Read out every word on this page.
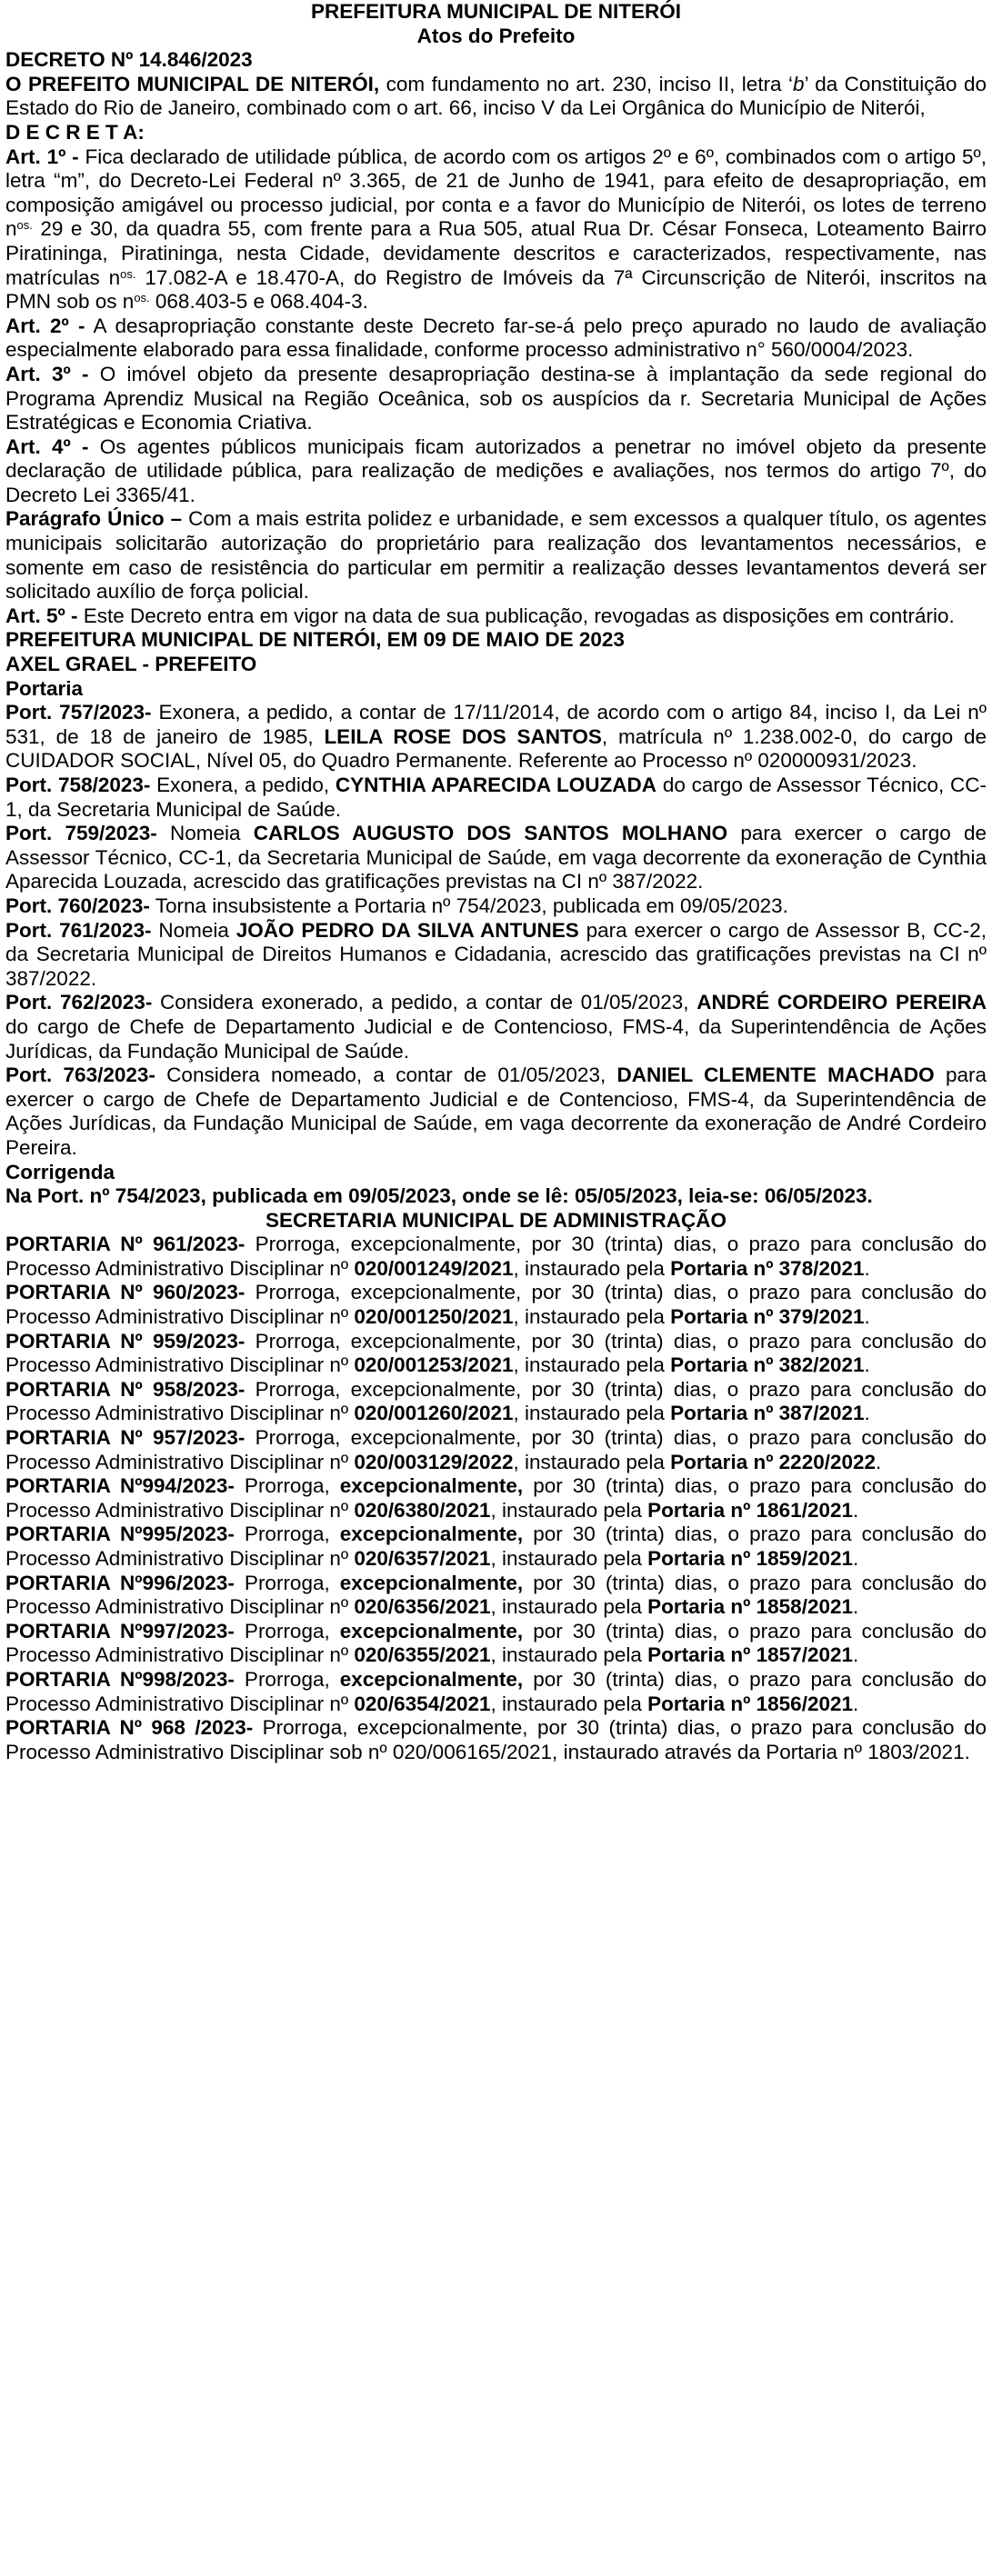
PREFEITURA MUNICIPAL DE NITERÓI

Atos do Prefeito

DECRETO Nº 14.846/2023

O PREFEITO MUNICIPAL DE NITERÓI, com fundamento no art. 230, inciso II, letra ‘b’ da Constituição do Estado do Rio de Janeiro, combinado com o art. 66, inciso V da Lei Orgânica do Município de Niterói,

D E C R E T A:

Art. 1º - Fica declarado de utilidade pública, de acordo com os artigos 2º e 6º, combinados com o artigo 5º, letra “m”, do Decreto-Lei Federal nº 3.365, de 21 de Junho de 1941, para efeito de desapropriação, em composição amigável ou processo judicial, por conta e a favor do Município de Niterói, os lotes de terreno $n^{os.}$ 29 e 30, da quadra 55, com frente para a Rua 505, atual Rua Dr. César Fonseca, Loteamento Bairro Piratininga, Piratininga, nesta Cidade, devidamente descritos e caracterizados, respectivamente, nas matrículas $n^{os.}$ 17.082-A e 18.470-A, do Registro de Imóveis da 7ª Circunscrição de Niterói, inscritos na PMN sob os $n^{os.}$ 068.403-5 e 068.404-3.

Art. 2º - A desapropriação constante deste Decreto far-se-á pelo preço apurado no laudo de avaliação especialmente elaborado para essa finalidade, conforme processo administrativo n° 560/0004/2023.

Art. 3º - O imóvel objeto da presente desapropriação destina-se à implantação da sede regional do Programa Aprendiz Musical na Região Oceânica, sob os auspícios da r. Secretaria Municipal de Ações Estratégicas e Economia Criativa.

Art. 4º - Os agentes públicos municipais ficam autorizados a penetrar no imóvel objeto da presente declaração de utilidade pública, para realização de medições e avaliações, nos termos do artigo 7º, do Decreto Lei 3365/41.

Parágrafo Único – Com a mais estrita polidez e urbanidade, e sem excessos a qualquer título, os agentes municipais solicitarão autorização do proprietário para realização dos levantamentos necessários, e somente em caso de resistência do particular em permitir a realização desses levantamentos deverá ser solicitado auxílio de força policial.

Art. 5º - Este Decreto entra em vigor na data de sua publicação, revogadas as disposições em contrário.

PREFEITURA MUNICIPAL DE NITERÓI, EM 09 DE MAIO DE 2023

AXEL GRAEL - PREFEITO

Portaria

Port. 757/2023- Exonera, a pedido, a contar de 17/11/2014, de acordo com o artigo 84, inciso I, da Lei nº 531, de 18 de janeiro de 1985, LEILA ROSE DOS SANTOS, matrícula nº 1.238.002-0, do cargo de CUIDADOR SOCIAL, Nível 05, do Quadro Permanente. Referente ao Processo nº 020000931/2023.

Port. 758/2023- Exonera, a pedido, CYNTHIA APARECIDA LOUZADA do cargo de Assessor Técnico, CC-1, da Secretaria Municipal de Saúde.

Port. 759/2023- Nomeia CARLOS AUGUSTO DOS SANTOS MOLHANO para exercer o cargo de Assessor Técnico, CC-1, da Secretaria Municipal de Saúde, em vaga decorrente da exoneração de Cynthia Aparecida Louzada, acrescido das gratificações previstas na CI nº 387/2022.

Port. 760/2023- Torna insubsistente a Portaria nº 754/2023, publicada em 09/05/2023.

Port. 761/2023- Nomeia JOÃO PEDRO DA SILVA ANTUNES para exercer o cargo de Assessor B, CC-2, da Secretaria Municipal de Direitos Humanos e Cidadania, acrescido das gratificações previstas na CI nº 387/2022.

Port. 762/2023- Considera exonerado, a pedido, a contar de 01/05/2023, ANDRÉ CORDEIRO PEREIRA do cargo de Chefe de Departamento Judicial e de Contencioso, FMS-4, da Superintendência de Ações Jurídicas, da Fundação Municipal de Saúde.

Port. 763/2023- Considera nomeado, a contar de 01/05/2023, DANIEL CLEMENTE MACHADO para exercer o cargo de Chefe de Departamento Judicial e de Contencioso, FMS-4, da Superintendência de Ações Jurídicas, da Fundação Municipal de Saúde, em vaga decorrente da exoneração de André Cordeiro Pereira.

Corrigenda

Na Port. nº 754/2023, publicada em 09/05/2023, onde se lê: 05/05/2023, leia-se: 06/05/2023.

SECRETARIA MUNICIPAL DE ADMINISTRAÇÃO

PORTARIA Nº 961/2023- Prorroga, excepcionalmente, por 30 (trinta) dias, o prazo para conclusão do Processo Administrativo Disciplinar nº 020/001249/2021, instaurado pela Portaria nº 378/2021.

PORTARIA Nº 960/2023- Prorroga, excepcionalmente, por 30 (trinta) dias, o prazo para conclusão do Processo Administrativo Disciplinar nº 020/001250/2021, instaurado pela Portaria nº 379/2021.

PORTARIA Nº 959/2023- Prorroga, excepcionalmente, por 30 (trinta) dias, o prazo para conclusão do Processo Administrativo Disciplinar nº 020/001253/2021, instaurado pela Portaria nº 382/2021.

PORTARIA Nº 958/2023- Prorroga, excepcionalmente, por 30 (trinta) dias, o prazo para conclusão do Processo Administrativo Disciplinar nº 020/001260/2021, instaurado pela Portaria nº 387/2021.

PORTARIA Nº 957/2023- Prorroga, excepcionalmente, por 30 (trinta) dias, o prazo para conclusão do Processo Administrativo Disciplinar nº 020/003129/2022, instaurado pela Portaria nº 2220/2022.

PORTARIA Nº994/2023- Prorroga, excepcionalmente, por 30 (trinta) dias, o prazo para conclusão do Processo Administrativo Disciplinar nº 020/6380/2021, instaurado pela Portaria nº 1861/2021.

PORTARIA Nº995/2023- Prorroga, excepcionalmente, por 30 (trinta) dias, o prazo para conclusão do Processo Administrativo Disciplinar nº 020/6357/2021, instaurado pela Portaria nº 1859/2021.

PORTARIA Nº996/2023- Prorroga, excepcionalmente, por 30 (trinta) dias, o prazo para conclusão do Processo Administrativo Disciplinar nº 020/6356/2021, instaurado pela Portaria nº 1858/2021.

PORTARIA Nº997/2023- Prorroga, excepcionalmente, por 30 (trinta) dias, o prazo para conclusão do Processo Administrativo Disciplinar nº 020/6355/2021, instaurado pela Portaria nº 1857/2021.

PORTARIA Nº998/2023- Prorroga, excepcionalmente, por 30 (trinta) dias, o prazo para conclusão do Processo Administrativo Disciplinar nº 020/6354/2021, instaurado pela Portaria nº 1856/2021.

PORTARIA Nº 968 /2023- Prorroga, excepcionalmente, por 30 (trinta) dias, o prazo para conclusão do Processo Administrativo Disciplinar sob nº 020/006165/2021, instaurado através da Portaria nº 1803/2021.
